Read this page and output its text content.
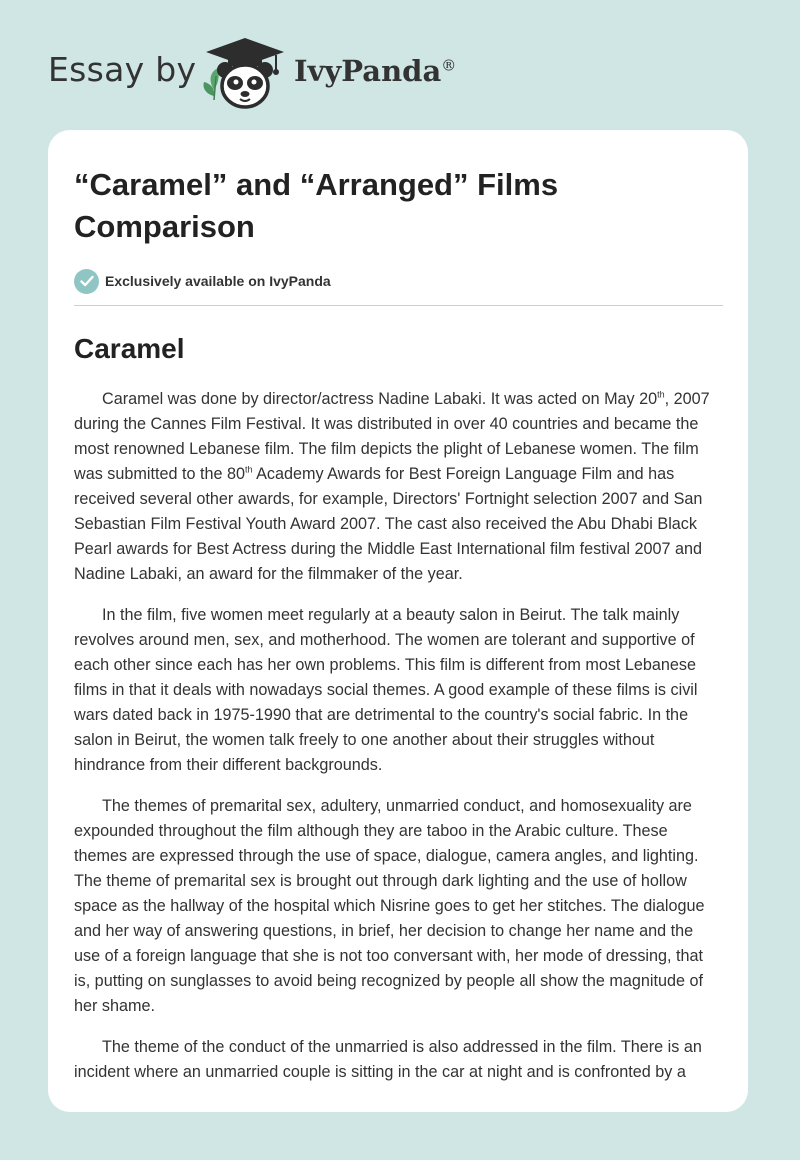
Essay by	IvyPanda®
“Caramel” and “Arranged” Films Comparison
Exclusively available on IvyPanda
Caramel

Caramel was done by director/actress Nadine Labaki. It was acted on May 20th, 2007 during the Cannes Film Festival. It was distributed in over 40 countries and became the most renowned Lebanese film. The film depicts the plight of Lebanese women. The film was submitted to the 80th Academy Awards for Best Foreign Language Film and has received several other awards, for example, Directors' Fortnight selection 2007 and San Sebastian Film Festival Youth Award 2007. The cast also received the Abu Dhabi Black Pearl awards for Best Actress during the Middle East International film festival 2007 and Nadine Labaki, an award for the filmmaker of the year.

In the film, five women meet regularly at a beauty salon in Beirut. The talk mainly revolves around men, sex, and motherhood. The women are tolerant and supportive of each other since each has her own problems. This film is different from most Lebanese films in that it deals with nowadays social themes. A good example of these films is civil wars dated back in 1975-1990 that are detrimental to the country's social fabric. In the salon in Beirut, the women talk freely to one another about their struggles without hindrance from their different backgrounds.

The themes of premarital sex, adultery, unmarried conduct, and homosexuality are expounded throughout the film although they are taboo in the Arabic culture. These themes are expressed through the use of space, dialogue, camera angles, and lighting. The theme of premarital sex is brought out through dark lighting and the use of hollow space as the hallway of the hospital which Nisrine goes to get her stitches. The dialogue and her way of answering questions, in brief, her decision to change her name and the use of a foreign language that she is not too conversant with, her mode of dressing, that is, putting on sunglasses to avoid being recognized by people all show the magnitude of her shame.

The theme of the conduct of the unmarried is also addressed in the film. There is an incident where an unmarried couple is sitting in the car at night and is confronted by a
